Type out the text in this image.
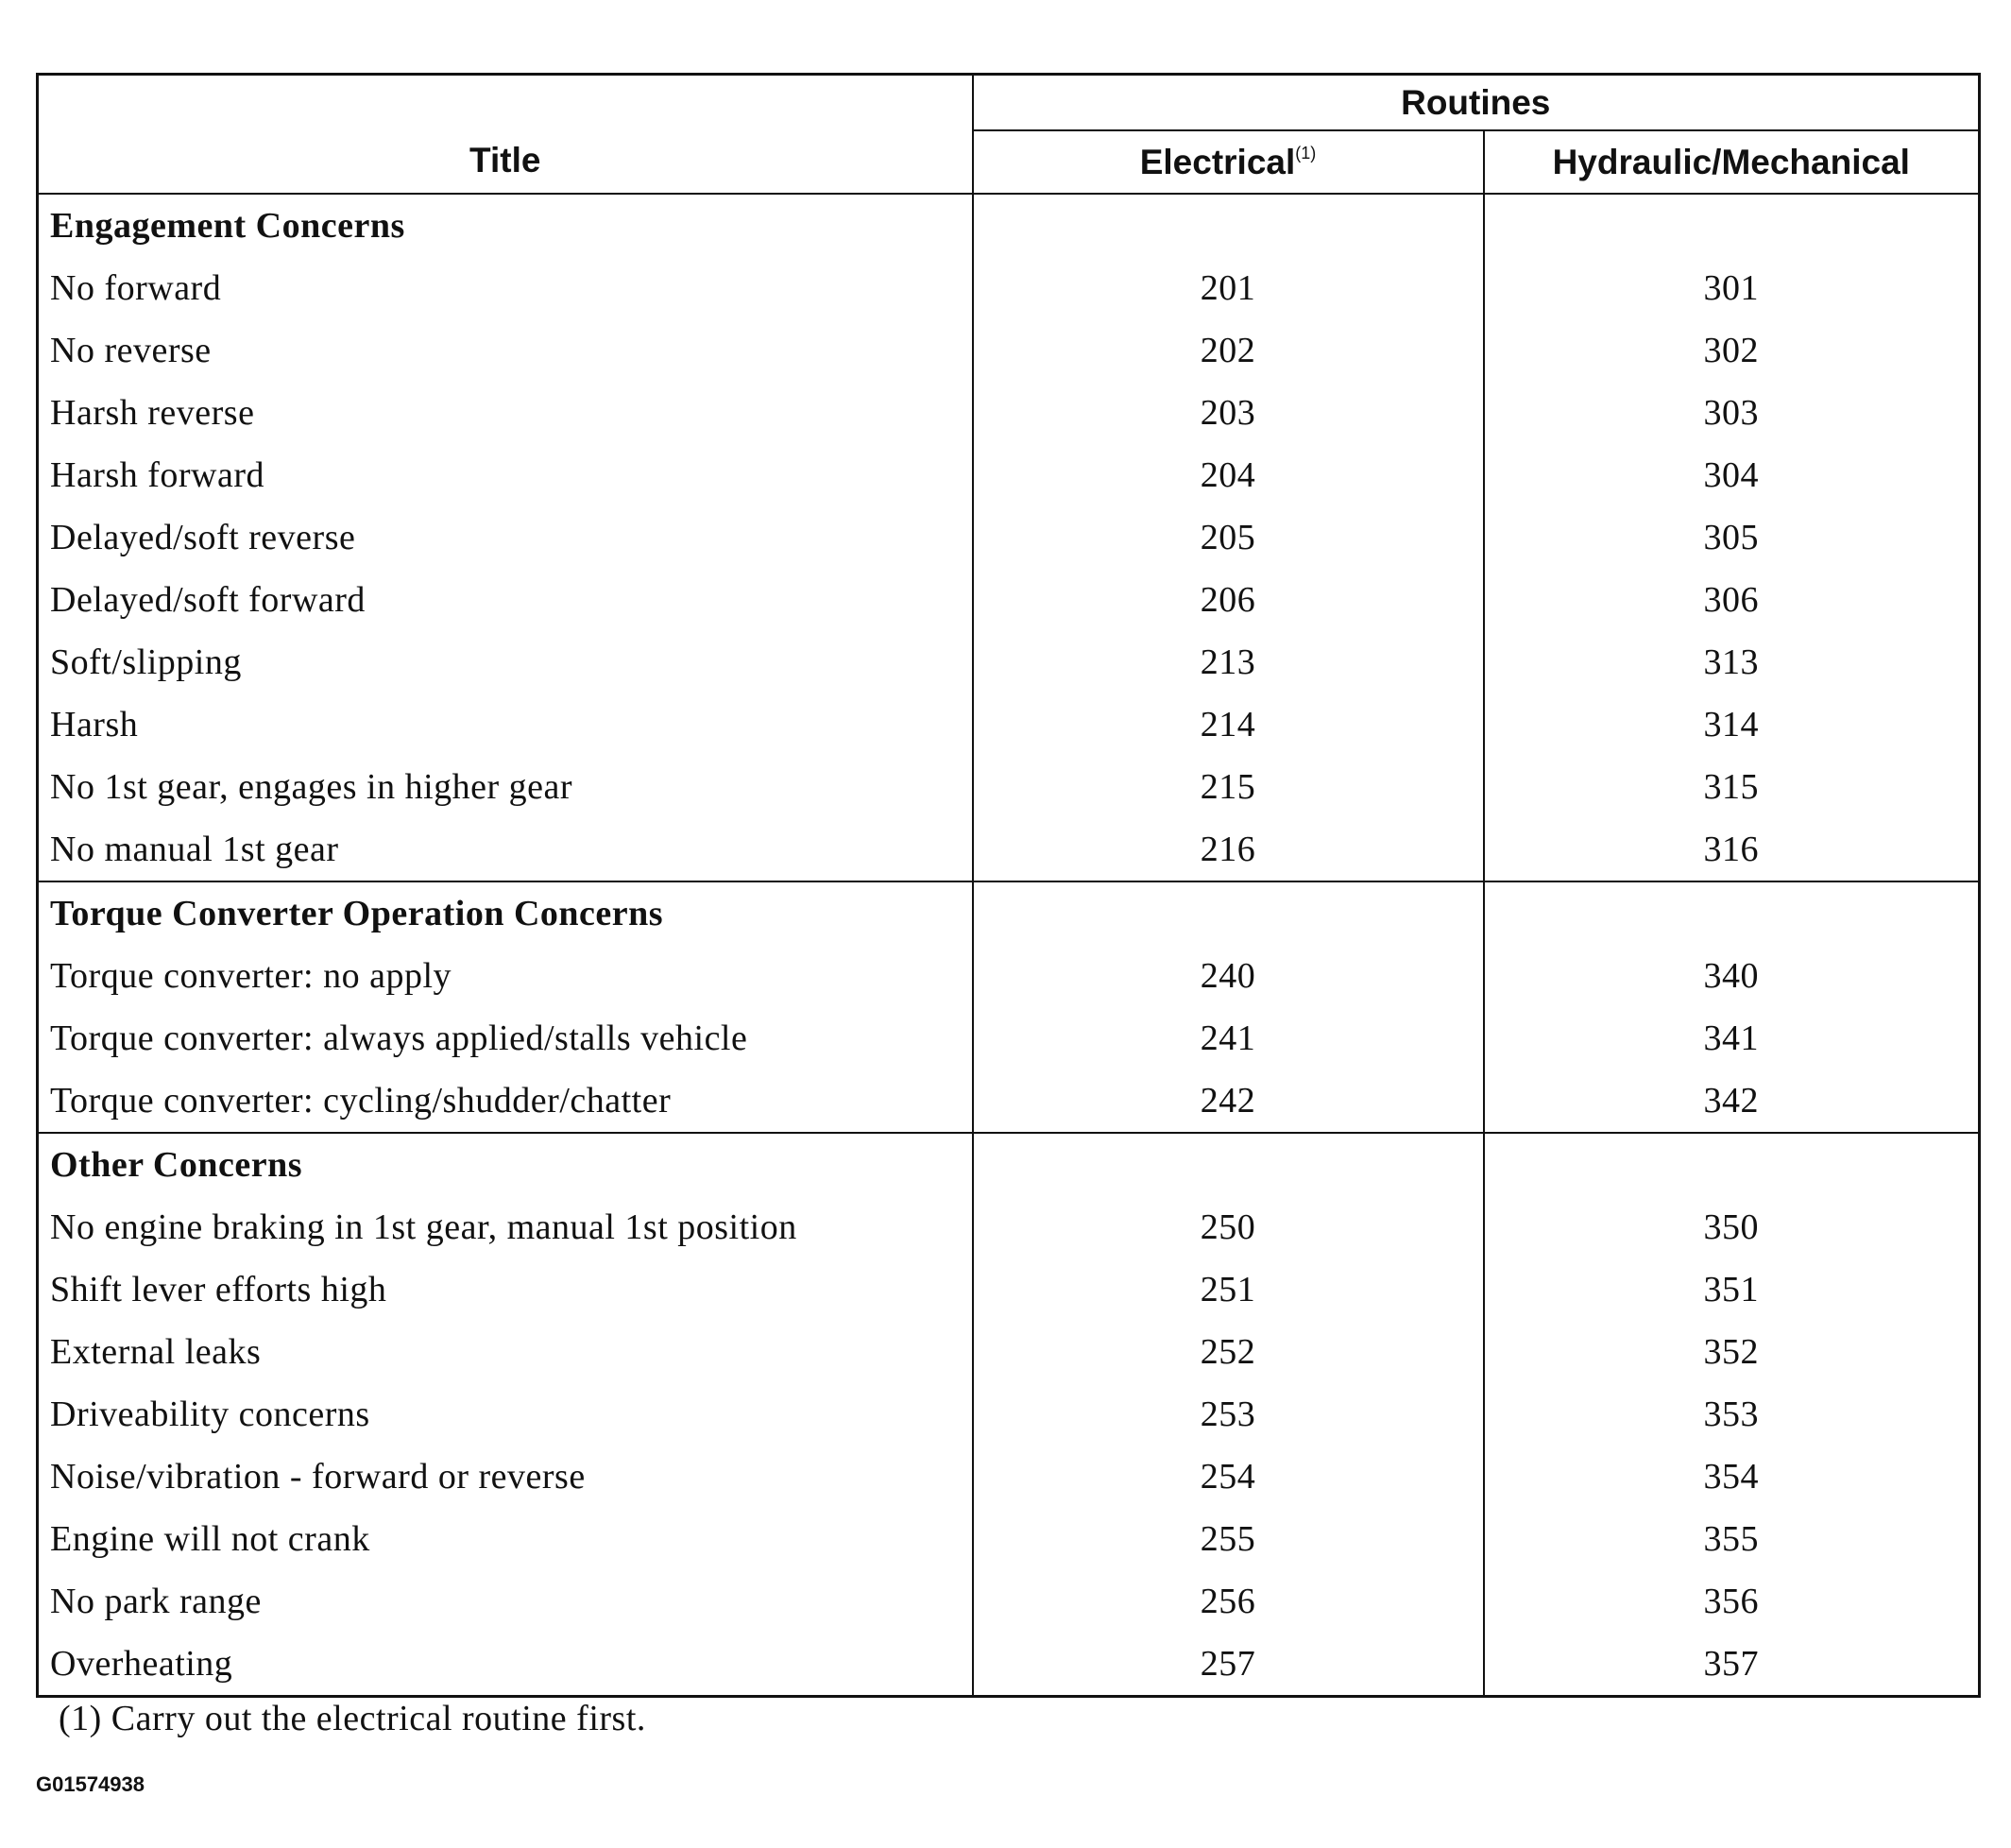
Title	Routines	
	Electrical$^{(1)}$	Hydraulic/Mechanical
Engagement Concerns		
No forward	201	301
No reverse	202	302
Harsh reverse	203	303
Harsh forward	204	304
Delayed/soft reverse	205	305
Delayed/soft forward	206	306
Soft/slipping	213	313
Harsh	214	314
No 1st gear, engages in higher gear	215	315
No manual 1st gear	216	316
Torque Converter Operation Concerns		
Torque converter: no apply	240	340
Torque converter: always applied/stalls vehicle	241	341
Torque converter: cycling/shudder/chatter	242	342
Other Concerns		
No engine braking in 1st gear, manual 1st position	250	350
Shift lever efforts high	251	351
External leaks	252	352
Driveability concerns	253	353
Noise/vibration - forward or reverse	254	354
Engine will not crank	255	355
No park range	256	356
Overheating	257	357
(1) Carry out the electrical routine first.
G01574938
